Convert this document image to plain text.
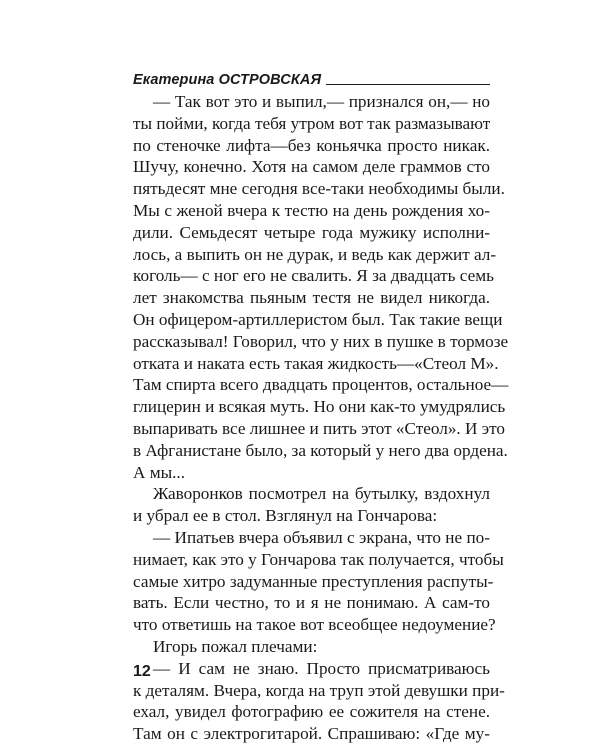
Екатерина ОСТРОВСКАЯ
— Так вот это и выпил,— признался он,— но
ты пойми, когда тебя утром вот так размазывают
по стеночке лифта—без коньячка просто никак.
Шучу, конечно. Хотя на самом деле граммов сто
пятьдесят мне сегодня все-таки необходимы были.
Мы с женой вчера к тестю на день рождения хо-
дили. Семьдесят четыре года мужику исполни-
лось, а выпить он не дурак, и ведь как держит ал-
коголь— с ног его не свалить. Я за двадцать семь
лет знакомства пьяным тестя не видел никогда.
Он офицером-артиллеристом был. Так такие вещи
рассказывал! Говорил, что у них в пушке в тормозе
отката и наката есть такая жидкость—«Стеол М».
Там спирта всего двадцать процентов, остальное—
глицерин и всякая муть. Но они как-то умудрялись
выпаривать все лишнее и пить этот «Стеол». И это
в Афганистане было, за который у него два ордена.
А мы...
Жаворонков посмотрел на бутылку, вздохнул
и убрал ее в стол. Взглянул на Гончарова:
— Ипатьев вчера объявил с экрана, что не по-
нимает, как это у Гончарова так получается, чтобы
самые хитро задуманные преступления распуты-
вать. Если честно, то и я не понимаю. А сам-то
что ответишь на такое вот всеобщее недоумение?
Игорь пожал плечами:
— И сам не знаю. Просто присматриваюсь
к деталям. Вчера, когда на труп этой девушки при-
ехал, увидел фотографию ее сожителя на стене.
Там он с электрогитарой. Спрашиваю: «Где му-
12
